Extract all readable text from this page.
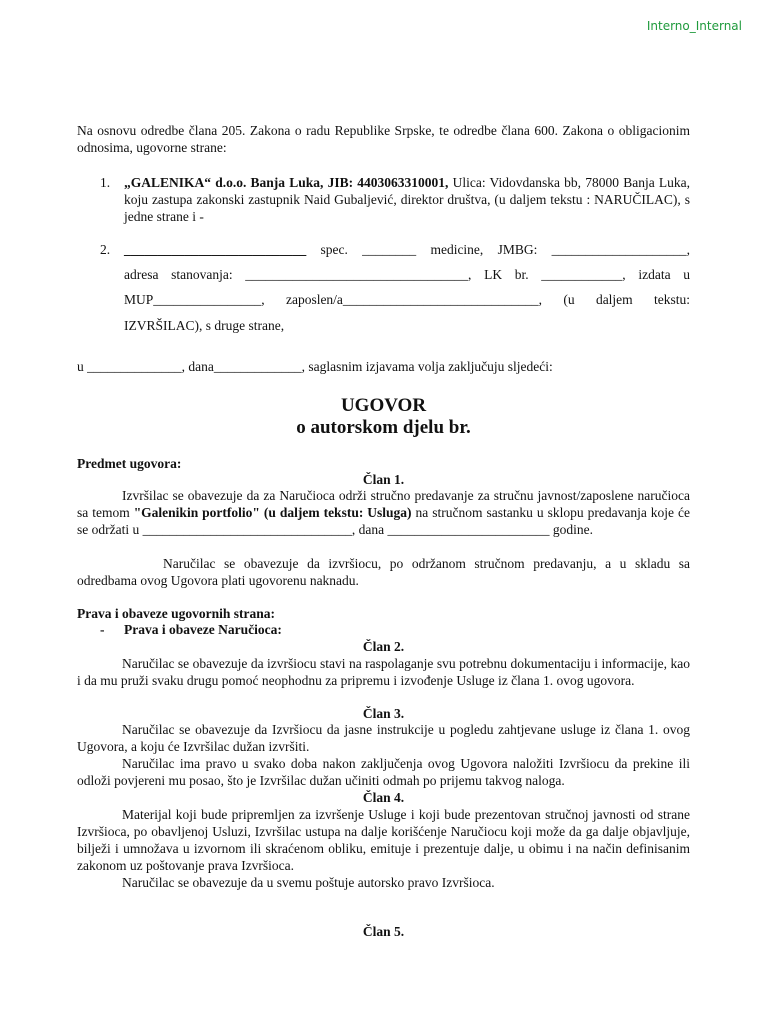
Interno_Internal
Na osnovu odredbe člana 205. Zakona o radu Republike Srpske, te odredbe člana 600. Zakona o obligacionim odnosima, ugovorne strane:
1. „GALENIKA“ d.o.o. Banja Luka, JIB: 4403063310001, Ulica: Vidovdanska bb, 78000 Banja Luka, koju zastupa zakonski zastupnik Naid Gubaljević, direktor društva, (u daljem tekstu : NARUČILAC), s jedne strane i -
2. ___________________________ spec. ________ medicine, JMBG: ____________________,
adresa stanovanja: _________________________________, LK br. ____________, izdata u
MUP________________, zaposlen/a_____________________________, (u daljem tekstu:
IZVRŠILAC), s druge strane,
u ______________, dana_____________, saglasnim izjavama volja zaključuju sljedeći:
UGOVOR
o autorskom djelu br.
Predmet ugovora:
Član 1.
Izvršilac se obavezuje da za Naručioca održi stručno predavanje za stručnu javnost/zaposlene naručioca sa temom "Galenikin portfolio" (u daljem tekstu: Usluga) na stručnom sastanku u sklopu predavanja koje će se održati u _______________________________, dana ________________________ godine.
Naručilac se obavezuje da izvršiocu, po održanom stručnom predavanju, a u skladu sa odredbama ovog Ugovora plati ugovorenu naknadu.
Prava i obaveze ugovornih strana:
-	Prava i obaveze Naručioca:
Član 2.
Naručilac se obavezuje da izvršiocu stavi na raspolaganje svu potrebnu dokumentaciju i informacije, kao i da mu pruži svaku drugu pomoć neophodnu za pripremu i izvođenje Usluge iz člana 1. ovog ugovora.
Član 3.
Naručilac se obavezuje da Izvršiocu da jasne instrukcije u pogledu zahtjevane usluge iz člana 1. ovog Ugovora, a koju će Izvršilac dužan izvršiti.
Naručilac ima pravo u svako doba nakon zaključenja ovog Ugovora naložiti Izvršiocu da prekine ili odloži povjereni mu posao, što je Izvršilac dužan učiniti odmah po prijemu takvog naloga.
Član 4.
Materijal koji bude pripremljen za izvršenje Usluge i koji bude prezentovan stručnoj javnosti od strane Izvršioca, po obavljenoj Usluzi, Izvršilac ustupa na dalje korišćenje Naručiocu koji može da ga dalje objavljuje, bilježi i umnožava u izvornom ili skraćenom obliku, emituje i prezentuje dalje, u obimu i na način definisanim zakonom uz poštovanje prava Izvršioca.
Naručilac se obavezuje da u svemu poštuje autorsko pravo Izvršioca.
Član 5.
